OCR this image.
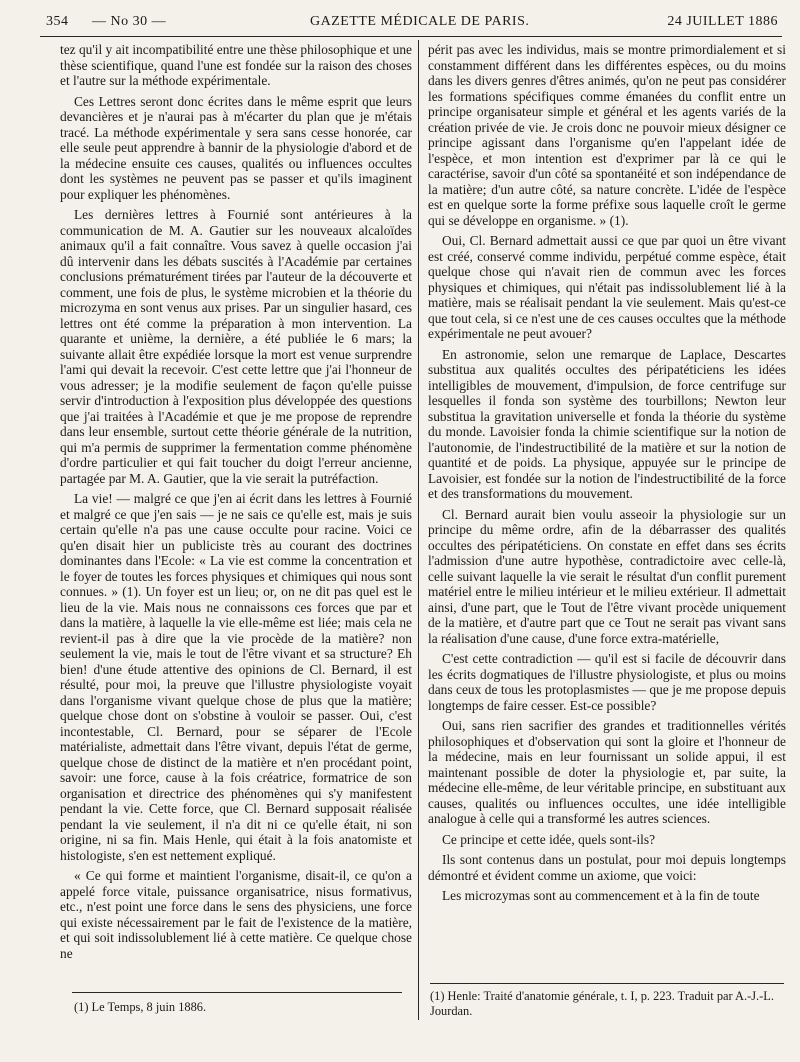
354 — No 30 —	GAZETTE MÉDICALE DE PARIS.	24 JUILLET 1886

tez qu'il y ait incompatibilité entre une thèse philosophique et une thèse scientifique, quand l'une est fondée sur la raison des choses et l'autre sur la méthode expérimentale.

Ces Lettres seront donc écrites dans le même esprit que leurs devancières et je n'aurai pas à m'écarter du plan que je m'étais tracé. La méthode expérimentale y sera sans cesse honorée, car elle seule peut apprendre à bannir de la physiologie d'abord et de la médecine ensuite ces causes, qualités ou influences occultes dont les systèmes ne peuvent pas se passer et qu'ils imaginent pour expliquer les phénomènes.

Les dernières lettres à Fournié sont antérieures à la communication de M. A. Gautier sur les nouveaux alcaloïdes animaux qu'il a fait connaître. Vous savez à quelle occasion j'ai dû intervenir dans les débats suscités à l'Académie par certaines conclusions prématurément tirées par l'auteur de la découverte et comment, une fois de plus, le système microbien et la théorie du microzyma en sont venus aux prises. Par un singulier hasard, ces lettres ont été comme la préparation à mon intervention. La quarante et unième, la dernière, a été publiée le 6 mars; la suivante allait être expédiée lorsque la mort est venue surprendre l'ami qui devait la recevoir. C'est cette lettre que j'ai l'honneur de vous adresser; je la modifie seulement de façon qu'elle puisse servir d'introduction à l'exposition plus développée des questions que j'ai traitées à l'Académie et que je me propose de reprendre dans leur ensemble, surtout cette théorie générale de la nutrition, qui m'a permis de supprimer la fermentation comme phénomène d'ordre particulier et qui fait toucher du doigt l'erreur ancienne, partagée par M. A. Gautier, que la vie serait la putréfaction.

La vie! — malgré ce que j'en ai écrit dans les lettres à Fournié et malgré ce que j'en sais — je ne sais ce qu'elle est, mais je suis certain qu'elle n'a pas une cause occulte pour racine. Voici ce qu'en disait hier un publiciste très au courant des doctrines dominantes dans l'Ecole: « La vie est comme la concentration et le foyer de toutes les forces physiques et chimiques qui nous sont connues. » (1). Un foyer est un lieu; or, on ne dit pas quel est le lieu de la vie. Mais nous ne connaissons ces forces que par et dans la matière, à laquelle la vie elle-même est liée; mais cela ne revient-il pas à dire que la vie procède de la matière? non seulement la vie, mais le tout de l'être vivant et sa structure? Eh bien! d'une étude attentive des opinions de Cl. Bernard, il est résulté, pour moi, la preuve que l'illustre physiologiste voyait dans l'organisme vivant quelque chose de plus que la matière; quelque chose dont on s'obstine à vouloir se passer. Oui, c'est incontestable, Cl. Bernard, pour se séparer de l'Ecole matérialiste, admettait dans l'être vivant, depuis l'état de germe, quelque chose de distinct de la matière et n'en procédant point, savoir: une force, cause à la fois créatrice, formatrice de son organisation et directrice des phénomènes qui s'y manifestent pendant la vie. Cette force, que Cl. Bernard supposait réalisée pendant la vie seulement, il n'a dit ni ce qu'elle était, ni son origine, ni sa fin. Mais Henle, qui était à la fois anatomiste et histologiste, s'en est nettement expliqué.

« Ce qui forme et maintient l'organisme, disait-il, ce qu'on a appelé force vitale, puissance organisatrice, nisus formativus, etc., n'est point une force dans le sens des physiciens, une force qui existe nécessairement par le fait de l'existence de la matière, et qui soit indissolublement lié à cette matière. Ce quelque chose ne

périt pas avec les individus, mais se montre primordialement et si constamment différent dans les différentes espèces, ou du moins dans les divers genres d'êtres animés, qu'on ne peut pas considérer les formations spécifiques comme émanées du conflit entre un principe organisateur simple et général et les agents variés de la création privée de vie. Je crois donc ne pouvoir mieux désigner ce principe agissant dans l'organisme qu'en l'appelant idée de l'espèce, et mon intention est d'exprimer par là ce qui le caractérise, savoir d'un côté sa spontanéité et son indépendance de la matière; d'un autre côté, sa nature concrète. L'idée de l'espèce est en quelque sorte la forme préfixe sous laquelle croît le germe qui se développe en organisme. » (1).

Oui, Cl. Bernard admettait aussi ce que par quoi un être vivant est créé, conservé comme individu, perpétué comme espèce, était quelque chose qui n'avait rien de commun avec les forces physiques et chimiques, qui n'était pas indissolublement lié à la matière, mais se réalisait pendant la vie seulement. Mais qu'est-ce que tout cela, si ce n'est une de ces causes occultes que la méthode expérimentale ne peut avouer?

En astronomie, selon une remarque de Laplace, Descartes substitua aux qualités occultes des péripatéticiens les idées intelligibles de mouvement, d'impulsion, de force centrifuge sur lesquelles il fonda son système des tourbillons; Newton leur substitua la gravitation universelle et fonda la théorie du système du monde. Lavoisier fonda la chimie scientifique sur la notion de l'autonomie, de l'indestructibilité de la matière et sur la notion de quantité et de poids. La physique, appuyée sur le principe de Lavoisier, est fondée sur la notion de l'indestructibilité de la force et des transformations du mouvement.

Cl. Bernard aurait bien voulu asseoir la physiologie sur un principe du même ordre, afin de la débarrasser des qualités occultes des péripatéticiens. On constate en effet dans ses écrits l'admission d'une autre hypothèse, contradictoire avec celle-là, celle suivant laquelle la vie serait le résultat d'un conflit purement matériel entre le milieu intérieur et le milieu extérieur. Il admettait ainsi, d'une part, que le Tout de l'être vivant procède uniquement de la matière, et d'autre part que ce Tout ne serait pas vivant sans la réalisation d'une cause, d'une force extra-matérielle,

C'est cette contradiction — qu'il est si facile de découvrir dans les écrits dogmatiques de l'illustre physiologiste, et plus ou moins dans ceux de tous les protoplasmistes — que je me propose depuis longtemps de faire cesser. Est-ce possible?

Oui, sans rien sacrifier des grandes et traditionnelles vérités philosophiques et d'observation qui sont la gloire et l'honneur de la médecine, mais en leur fournissant un solide appui, il est maintenant possible de doter la physiologie et, par suite, la médecine elle-même, de leur véritable principe, en substituant aux causes, qualités ou influences occultes, une idée intelligible analogue à celle qui a transformé les autres sciences.

Ce principe et cette idée, quels sont-ils?

Ils sont contenus dans un postulat, pour moi depuis longtemps démontré et évident comme un axiome, que voici:

Les microzymas sont au commencement et à la fin de toute

(1) Le Temps, 8 juin 1886.
(1) Henle: Traité d'anatomie générale, t. I, p. 223. Traduit par A.-J.-L. Jourdan.
